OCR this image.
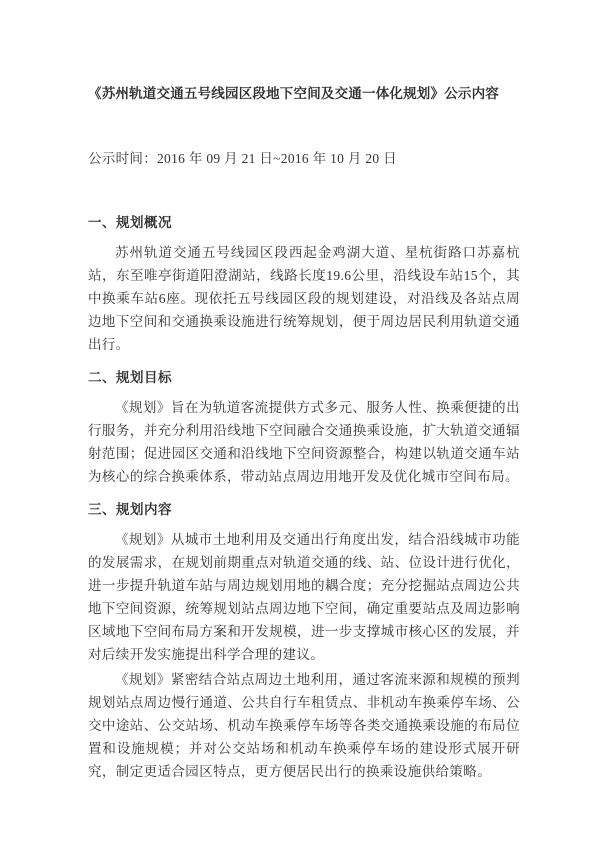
《苏州轨道交通五号线园区段地下空间及交通一体化规划》公示内容
公示时间：2016 年 09 月 21 日~2016 年 10 月 20 日
一、规划概况

苏州轨道交通五号线园区段西起金鸡湖大道、星杭街路口苏嘉杭站，东至唯亭街道阳澄湖站，线路长度19.6公里，沿线设车站15个，其中换乘车站6座。现依托五号线园区段的规划建设，对沿线及各站点周边地下空间和交通换乘设施进行统筹规划，便于周边居民利用轨道交通出行。

二、规划目标

《规划》旨在为轨道客流提供方式多元、服务人性、换乘便捷的出行服务，并充分利用沿线地下空间融合交通换乘设施，扩大轨道交通辐射范围；促进园区交通和沿线地下空间资源整合，构建以轨道交通车站为核心的综合换乘体系，带动站点周边用地开发及优化城市空间布局。

三、规划内容

《规划》从城市土地利用及交通出行角度出发，结合沿线城市功能的发展需求，在规划前期重点对轨道交通的线、站、位设计进行优化，进一步提升轨道车站与周边规划用地的耦合度；充分挖掘站点周边公共地下空间资源，统筹规划站点周边地下空间，确定重要站点及周边影响区域地下空间布局方案和开发规模，进一步支撑城市核心区的发展，并对后续开发实施提出科学合理的建议。

《规划》紧密结合站点周边土地利用，通过客流来源和规模的预判规划站点周边慢行通道、公共自行车租赁点、非机动车换乘停车场、公交中途站、公交站场、机动车换乘停车场等各类交通换乘设施的布局位置和设施规模；并对公交站场和机动车换乘停车场的建设形式展开研究，制定更适合园区特点，更方便居民出行的换乘设施供给策略。
